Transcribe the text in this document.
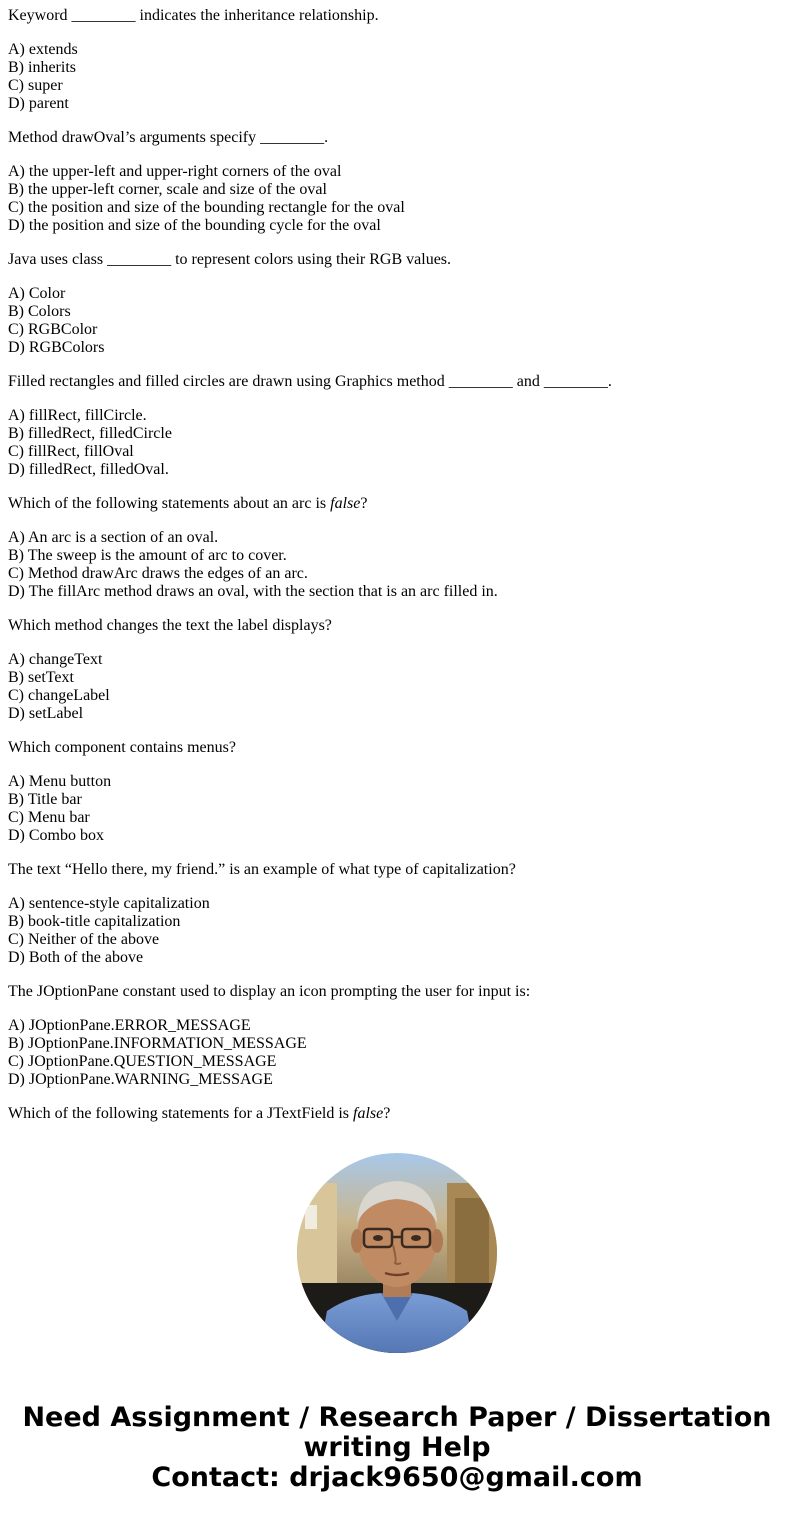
Keyword ________ indicates the inheritance relationship.
A) extends
B) inherits
C) super
D) parent
Method drawOval’s arguments specify ________.
A) the upper-left and upper-right corners of the oval
B) the upper-left corner, scale and size of the oval
C) the position and size of the bounding rectangle for the oval
D) the position and size of the bounding cycle for the oval
Java uses class ________ to represent colors using their RGB values.
A) Color
B) Colors
C) RGBColor
D) RGBColors
Filled rectangles and filled circles are drawn using Graphics method ________ and ________.
A) fillRect, fillCircle.
B) filledRect, filledCircle
C) fillRect, fillOval
D) filledRect, filledOval.
Which of the following statements about an arc is false?
A) An arc is a section of an oval.
B) The sweep is the amount of arc to cover.
C) Method drawArc draws the edges of an arc.
D) The fillArc method draws an oval, with the section that is an arc filled in.
Which method changes the text the label displays?
A) changeText
B) setText
C) changeLabel
D) setLabel
Which component contains menus?
A) Menu button
B) Title bar
C) Menu bar
D) Combo box
The text “Hello there, my friend.” is an example of what type of capitalization?
A) sentence-style capitalization
B) book-title capitalization
C) Neither of the above
D) Both of the above
The JOptionPane constant used to display an icon prompting the user for input is:
A) JOptionPane.ERROR_MESSAGE
B) JOptionPane.INFORMATION_MESSAGE
C) JOptionPane.QUESTION_MESSAGE
D) JOptionPane.WARNING_MESSAGE
Which of the following statements for a JTextField is false?
Need Assignment / Research Paper / Dissertation
writing Help
Contact: drjack9650@gmail.com
